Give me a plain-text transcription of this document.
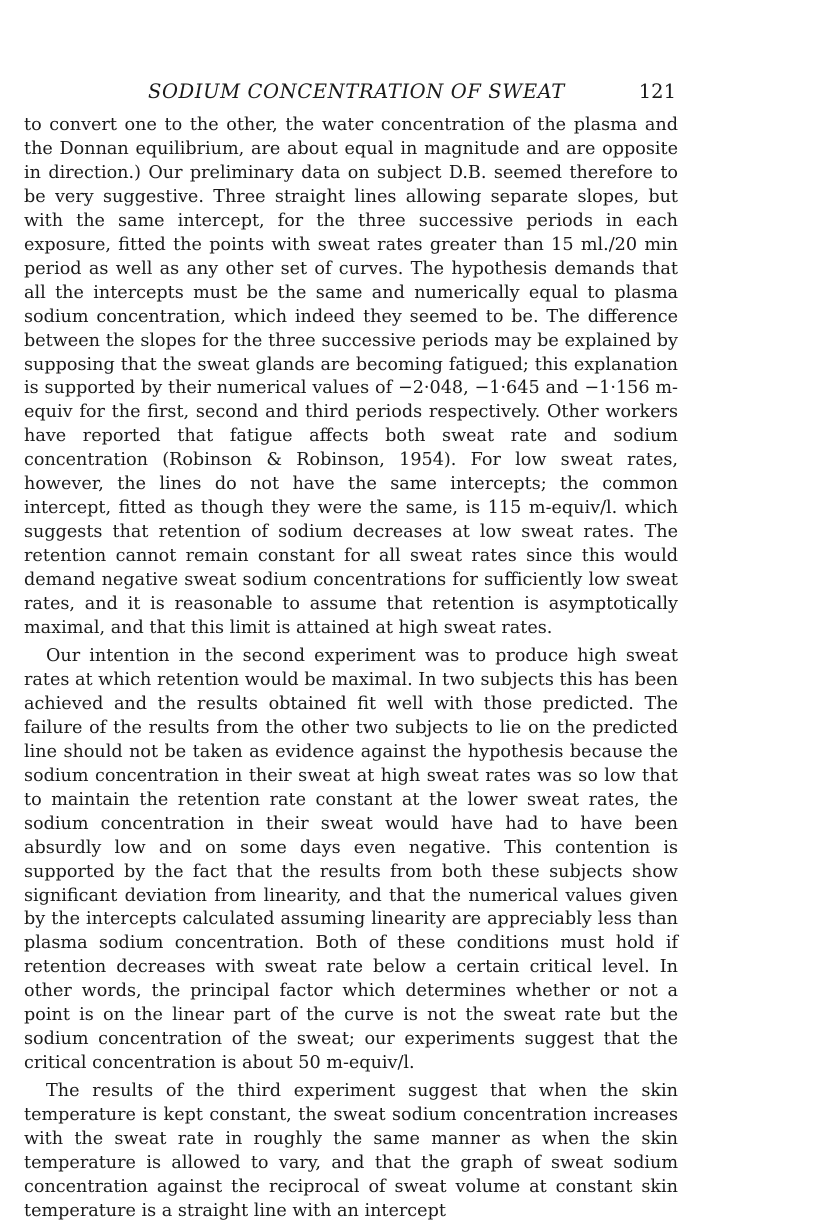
SODIUM CONCENTRATION OF SWEAT	121

to convert one to the other, the water concentration of the plasma and the Donnan equilibrium, are about equal in magnitude and are opposite in direction.) Our preliminary data on subject D.B. seemed therefore to be very suggestive. Three straight lines allowing separate slopes, but with the same intercept, for the three successive periods in each exposure, fitted the points with sweat rates greater than 15 ml./20 min period as well as any other set of curves. The hypothesis demands that all the intercepts must be the same and numerically equal to plasma sodium concentration, which indeed they seemed to be. The difference between the slopes for the three successive periods may be explained by supposing that the sweat glands are becoming fatigued; this explanation is supported by their numerical values of −2·048, −1·645 and −1·156 m-equiv for the first, second and third periods respectively. Other workers have reported that fatigue affects both sweat rate and sodium concentration (Robinson & Robinson, 1954). For low sweat rates, however, the lines do not have the same intercepts; the common intercept, fitted as though they were the same, is 115 m-equiv/l. which suggests that retention of sodium decreases at low sweat rates. The retention cannot remain constant for all sweat rates since this would demand negative sweat sodium concentrations for sufficiently low sweat rates, and it is reasonable to assume that retention is asymptotically maximal, and that this limit is attained at high sweat rates.

Our intention in the second experiment was to produce high sweat rates at which retention would be maximal. In two subjects this has been achieved and the results obtained fit well with those predicted. The failure of the results from the other two subjects to lie on the predicted line should not be taken as evidence against the hypothesis because the sodium concentration in their sweat at high sweat rates was so low that to maintain the retention rate constant at the lower sweat rates, the sodium concentration in their sweat would have had to have been absurdly low and on some days even negative. This contention is supported by the fact that the results from both these subjects show significant deviation from linearity, and that the numerical values given by the intercepts calculated assuming linearity are appreciably less than plasma sodium concentration. Both of these conditions must hold if retention decreases with sweat rate below a certain critical level. In other words, the principal factor which determines whether or not a point is on the linear part of the curve is not the sweat rate but the sodium concentration of the sweat; our experiments suggest that the critical concentration is about 50 m-equiv/l.

The results of the third experiment suggest that when the skin temperature is kept constant, the sweat sodium concentration increases with the sweat rate in roughly the same manner as when the skin temperature is allowed to vary, and that the graph of sweat sodium concentration against the reciprocal of sweat volume at constant skin temperature is a straight line with an intercept
